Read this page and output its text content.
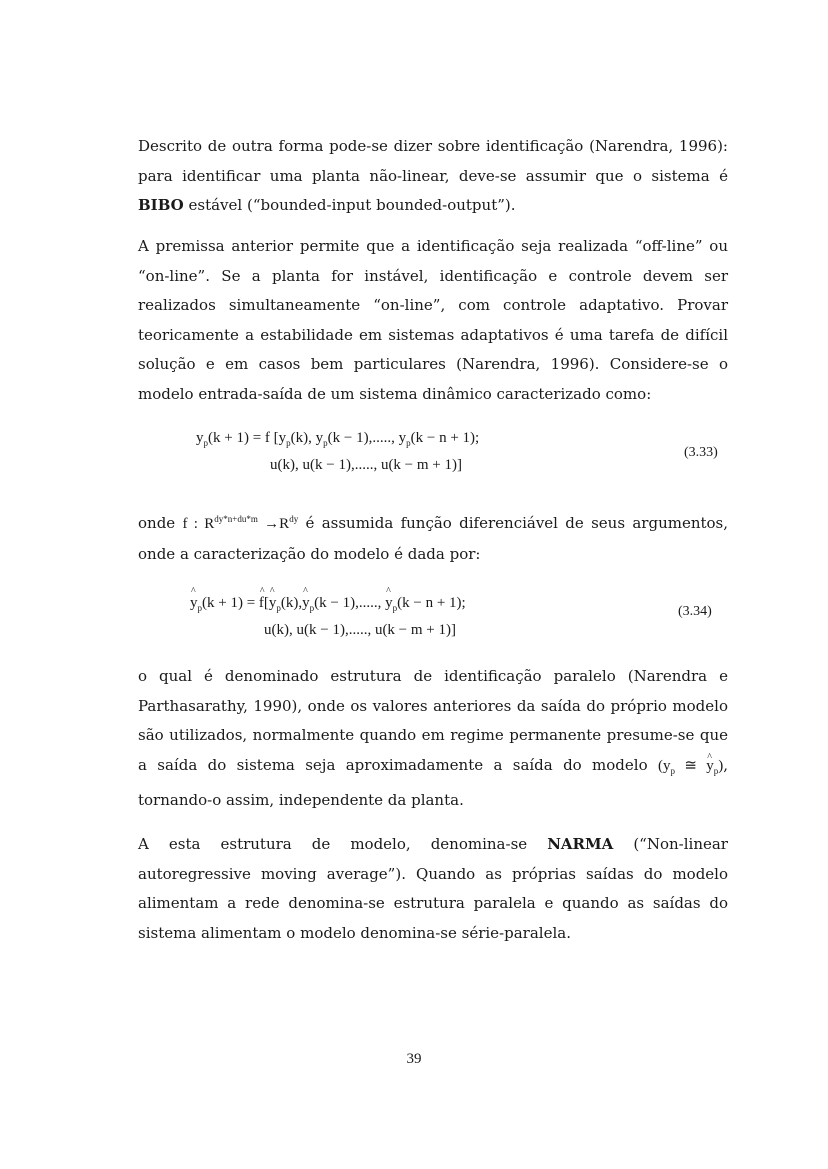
Descrito de outra forma pode-se dizer sobre identificação (Narendra, 1996): para identificar uma planta não-linear, deve-se assumir que o sistema é BIBO estável (“bounded-input bounded-output”).
A premissa anterior permite que a identificação seja realizada “off-line” ou “on-line”. Se a planta for instável, identificação e controle devem ser realizados simultaneamente “on-line”, com controle adaptativo. Provar teoricamente a estabilidade em sistemas adaptativos é uma tarefa de difícil solução e em casos bem particulares (Narendra, 1996). Considere-se o modelo entrada-saída de um sistema dinâmico caracterizado como:
$y_p(k + 1) = f$ [$y_p(k)$, $y_p(k - 1)$,....., $y_p(k - n + 1)$;
u(k), u(k − 1),....., u(k − m + 1)]
(3.33)
onde f : $R^{dy*n+du*m} \to R^{dy}$ é assumida função diferenciável de seus argumentos, onde a caracterização do modelo é dada por:
^ $y_p(k + 1)$ = ^ f[^ $y_p(k),\^{}$ $y_p(k - 1)$,....., ^ $y_p(k - n + 1)$;
u(k), u(k − 1),....., u(k − m + 1)]
(3.34)
o qual é denominado estrutura de identificação paralelo (Narendra e Parthasarathy, 1990), onde os valores anteriores da saída do próprio modelo são utilizados, normalmente quando em regime permanente presume-se que a saída do sistema seja aproximadamente a saída do modelo ($y_p$ ≅ ^ $y_p$), tornando-o assim, independente da planta.
A esta estrutura de modelo, denomina-se NARMA (“Non-linear autoregressive moving average”). Quando as próprias saídas do modelo alimentam a rede denomina-se estrutura paralela e quando as saídas do sistema alimentam o modelo denomina-se série-paralela.
39
